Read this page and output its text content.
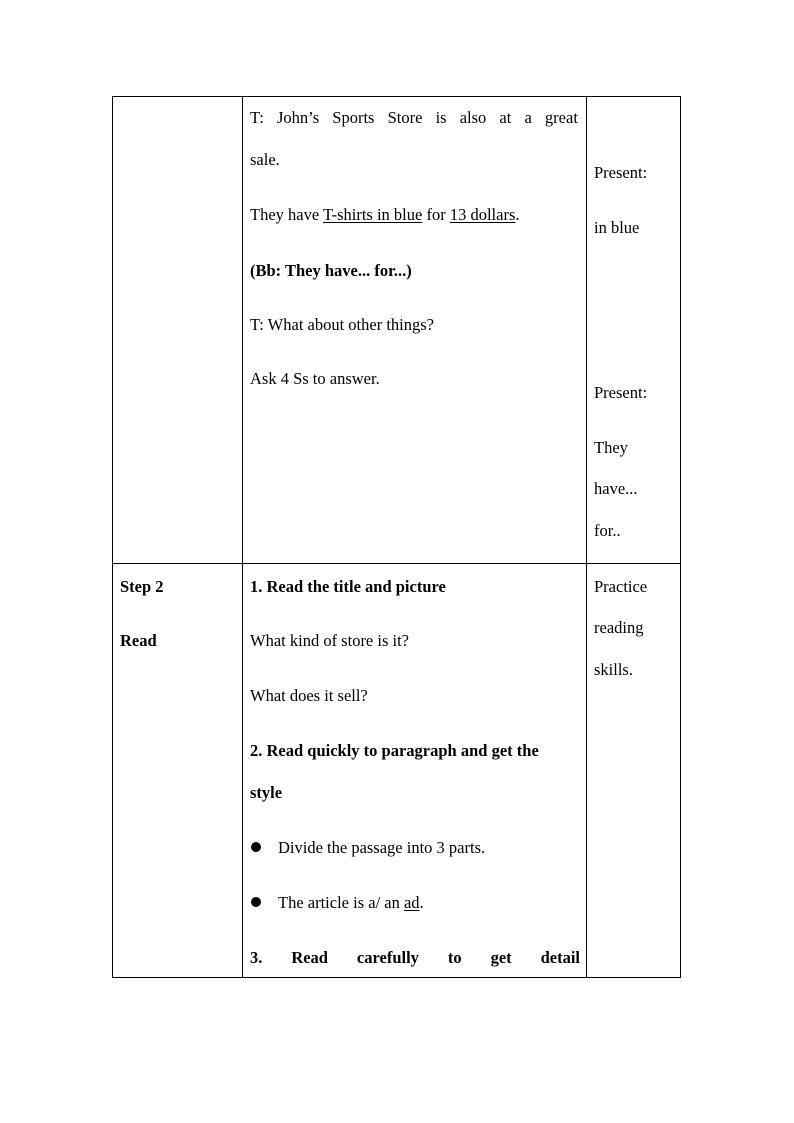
T: John’s Sports Store is also at a great
sale.
They have T-shirts in blue for 13 dollars.
(Bb: They have... for...)
T: What about other things?
Ask 4 Ss to answer.
Present:
in blue
Present:
They
have...
for..
Step 2
Read
1. Read the title and picture
What kind of store is it?
What does it sell?
2. Read quickly to paragraph and get the
style
Divide the passage into 3 parts.
The article is a/ an ad.
3. Read carefully to get detail
Practice
reading
skills.
